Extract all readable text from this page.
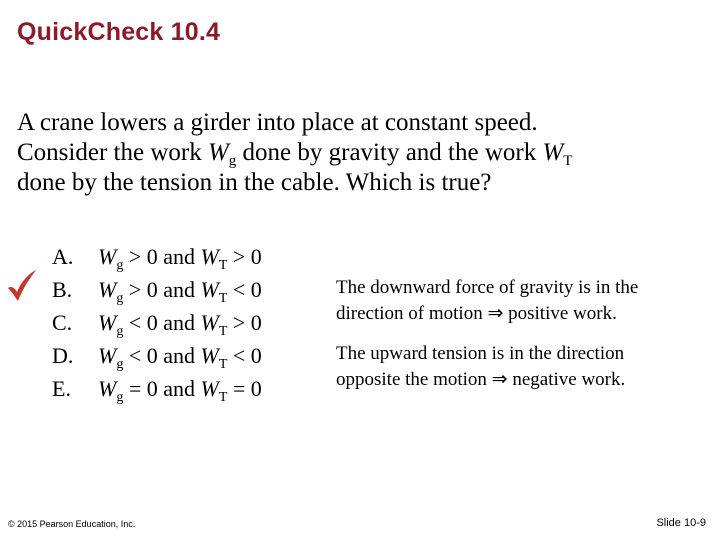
QuickCheck 10.4
A crane lowers a girder into place at constant speed.
Consider the work $W_g$ done by gravity and the work $W_T$
done by the tension in the cable. Which is true?
A. $W_g > 0$ and $W_T > 0$
B. $W_g > 0$ and $W_T < 0$
C. $W_g < 0$ and $W_T > 0$
D. $W_g < 0$ and $W_T < 0$
E. $W_g = 0$ and $W_T = 0$
The downward force of gravity is in the
direction of motion ⇒ positive work.
The upward tension is in the direction
opposite the motion ⇒ negative work.
© 2015 Pearson Education, Inc.	Slide 10-9
